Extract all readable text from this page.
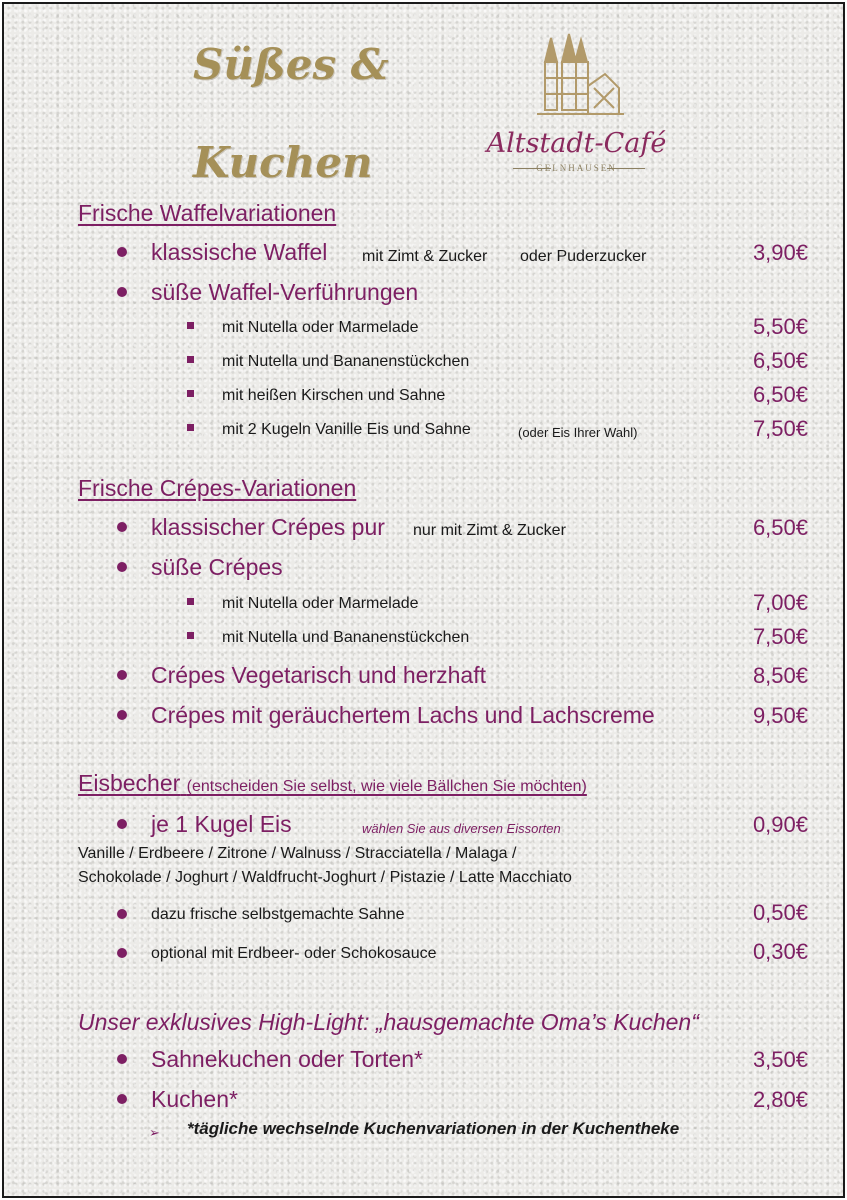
Süßes &
Kuchen	Altstadt-Café
GELNHAUSEN
Frische Waffelvariationen
klassische Waffel mit Zimt & Zucker oder Puderzucker	3,90€
süße Waffel-Verführungen
mit Nutella oder Marmelade	5,50€
mit Nutella und Bananenstückchen	6,50€
mit heißen Kirschen und Sahne	6,50€
mit 2 Kugeln Vanille Eis und Sahne	(oder Eis Ihrer Wahl)	7,50€
Frische Crépes-Variationen
klassischer Crépes pur nur mit Zimt & Zucker	6,50€
süße Crépes
mit Nutella oder Marmelade	7,00€
mit Nutella und Bananenstückchen	7,50€
Crépes Vegetarisch und herzhaft	8,50€
Crépes mit geräuchertem Lachs und Lachscreme	9,50€
Eisbecher (entscheiden Sie selbst, wie viele Bällchen Sie möchten)
je 1 Kugel Eis	wählen Sie aus diversen Eissorten	0,90€
Vanille / Erdbeere / Zitrone / Walnuss / Stracciatella / Malaga /
Schokolade / Joghurt / Waldfrucht-Joghurt / Pistazie / Latte Macchiato
dazu frische selbstgemachte Sahne	0,50€
optional mit Erdbeer- oder Schokosauce	0,30€
Unser exklusives High-Light: „hausgemachte Oma’s Kuchen“
Sahnekuchen oder Torten*	3,50€
Kuchen*	2,80€
➢ *tägliche wechselnde Kuchenvariationen in der Kuchentheke
